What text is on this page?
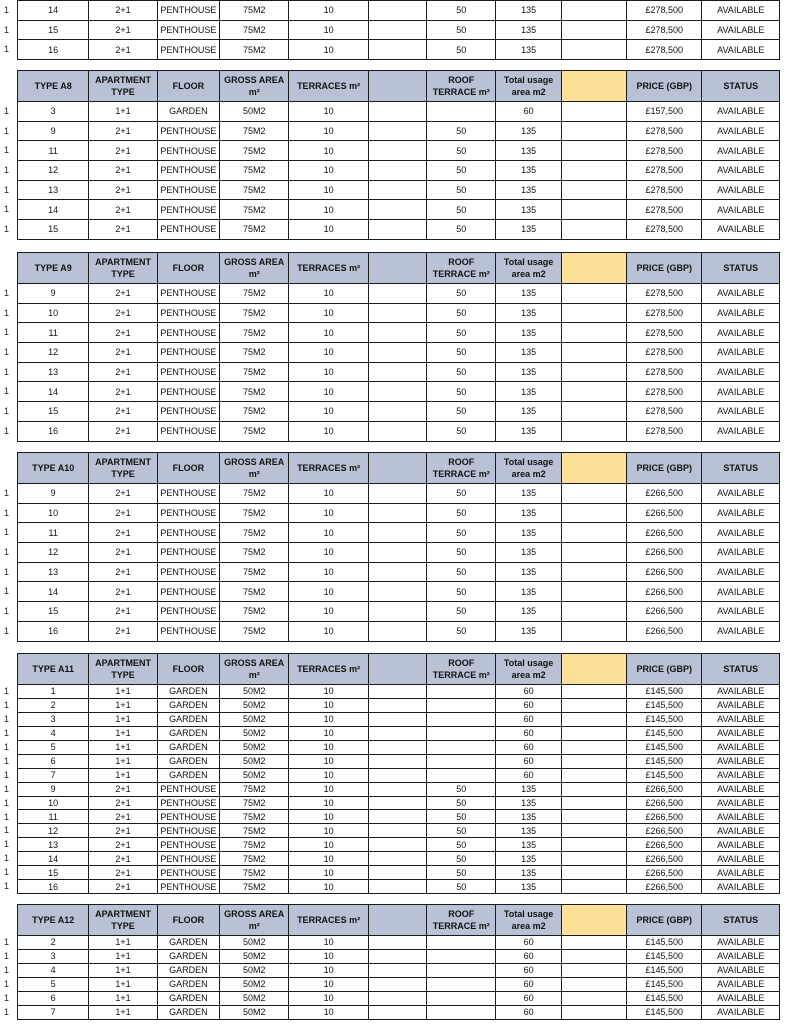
1
1
1
14	2+1	PENTHOUSE	75M2	10		50	135		£278,500	AVAILABLE
15	2+1	PENTHOUSE	75M2	10		50	135		£278,500	AVAILABLE
16	2+1	PENTHOUSE	75M2	10		50	135		£278,500	AVAILABLE
1
1
1
1
1
1
1
TYPE A8	APARTMENT TYPE	FLOOR	GROSS AREA m²	TERRACES m²		ROOF TERRACE m²	Total usage area m2		PRICE (GBP)	STATUS
3	1+1	GARDEN	50M2	10			60		£157,500	AVAILABLE
9	2+1	PENTHOUSE	75M2	10		50	135		£278,500	AVAILABLE
11	2+1	PENTHOUSE	75M2	10		50	135		£278,500	AVAILABLE
12	2+1	PENTHOUSE	75M2	10		50	135		£278,500	AVAILABLE
13	2+1	PENTHOUSE	75M2	10		50	135		£278,500	AVAILABLE
14	2+1	PENTHOUSE	75M2	10		50	135		£278,500	AVAILABLE
15	2+1	PENTHOUSE	75M2	10		50	135		£278,500	AVAILABLE
1
1
1
1
1
1
1
1
TYPE A9	APARTMENT TYPE	FLOOR	GROSS AREA m²	TERRACES m²		ROOF TERRACE m²	Total usage area m2		PRICE (GBP)	STATUS
9	2+1	PENTHOUSE	75M2	10		50	135		£278,500	AVAILABLE
10	2+1	PENTHOUSE	75M2	10		50	135		£278,500	AVAILABLE
11	2+1	PENTHOUSE	75M2	10		50	135		£278,500	AVAILABLE
12	2+1	PENTHOUSE	75M2	10		50	135		£278,500	AVAILABLE
13	2+1	PENTHOUSE	75M2	10		50	135		£278,500	AVAILABLE
14	2+1	PENTHOUSE	75M2	10		50	135		£278,500	AVAILABLE
15	2+1	PENTHOUSE	75M2	10		50	135		£278,500	AVAILABLE
16	2+1	PENTHOUSE	75M2	10		50	135		£278,500	AVAILABLE
1
1
1
1
1
1
1
1
TYPE A10	APARTMENT TYPE	FLOOR	GROSS AREA m²	TERRACES m²		ROOF TERRACE m²	Total usage area m2		PRICE (GBP)	STATUS
9	2+1	PENTHOUSE	75M2	10		50	135		£266,500	AVAILABLE
10	2+1	PENTHOUSE	75M2	10		50	135		£266,500	AVAILABLE
11	2+1	PENTHOUSE	75M2	10		50	135		£266,500	AVAILABLE
12	2+1	PENTHOUSE	75M2	10		50	135		£266,500	AVAILABLE
13	2+1	PENTHOUSE	75M2	10		50	135		£266,500	AVAILABLE
14	2+1	PENTHOUSE	75M2	10		50	135		£266,500	AVAILABLE
15	2+1	PENTHOUSE	75M2	10		50	135		£266,500	AVAILABLE
16	2+1	PENTHOUSE	75M2	10		50	135		£266,500	AVAILABLE
1
1
1
1
1
1
1
1
1
1
1
1
1
1
1
TYPE A11	APARTMENT TYPE	FLOOR	GROSS AREA m²	TERRACES m²		ROOF TERRACE m²	Total usage area m2		PRICE (GBP)	STATUS
1	1+1	GARDEN	50M2	10			60		£145,500	AVAILABLE
2	1+1	GARDEN	50M2	10			60		£145,500	AVAILABLE
3	1+1	GARDEN	50M2	10			60		£145,500	AVAILABLE
4	1+1	GARDEN	50M2	10			60		£145,500	AVAILABLE
5	1+1	GARDEN	50M2	10			60		£145,500	AVAILABLE
6	1+1	GARDEN	50M2	10			60		£145,500	AVAILABLE
7	1+1	GARDEN	50M2	10			60		£145,500	AVAILABLE
9	2+1	PENTHOUSE	75M2	10		50	135		£266,500	AVAILABLE
10	2+1	PENTHOUSE	75M2	10		50	135		£266,500	AVAILABLE
11	2+1	PENTHOUSE	75M2	10		50	135		£266,500	AVAILABLE
12	2+1	PENTHOUSE	75M2	10		50	135		£266,500	AVAILABLE
13	2+1	PENTHOUSE	75M2	10		50	135		£266,500	AVAILABLE
14	2+1	PENTHOUSE	75M2	10		50	135		£266,500	AVAILABLE
15	2+1	PENTHOUSE	75M2	10		50	135		£266,500	AVAILABLE
16	2+1	PENTHOUSE	75M2	10		50	135		£266,500	AVAILABLE
1
1
1
1
1
1
TYPE A12	APARTMENT TYPE	FLOOR	GROSS AREA m²	TERRACES m²		ROOF TERRACE m²	Total usage area m2		PRICE (GBP)	STATUS
2	1+1	GARDEN	50M2	10			60		£145,500	AVAILABLE
3	1+1	GARDEN	50M2	10			60		£145,500	AVAILABLE
4	1+1	GARDEN	50M2	10			60		£145,500	AVAILABLE
5	1+1	GARDEN	50M2	10			60		£145,500	AVAILABLE
6	1+1	GARDEN	50M2	10			60		£145,500	AVAILABLE
7	1+1	GARDEN	50M2	10			60		£145,500	AVAILABLE
